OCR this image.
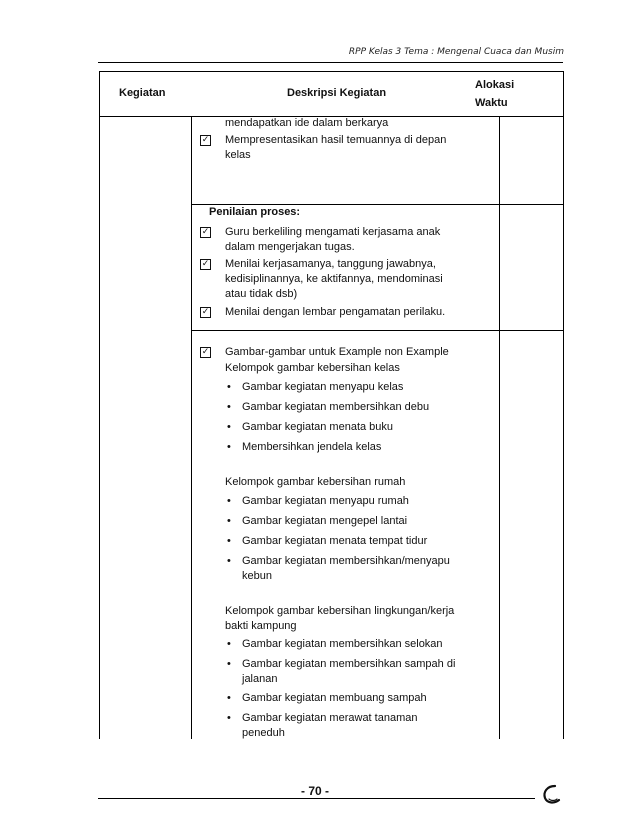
RPP Kelas 3 Tema : Mengenal Cuaca dan Musim
Kegiatan	Deskripsi Kegiatan
Alokasi
Waktu
mendapatkan ide dalam berkarya
✓ Mempresentasikan hasil temuannya di depan
kelas
Penilaian proses:
✓ Guru berkeliling mengamati kerjasama anak
dalam mengerjakan tugas.
✓ Menilai kerjasamanya, tanggung jawabnya,
kedisiplinannya, ke aktifannya, mendominasi
atau tidak dsb)
✓ Menilai dengan lembar pengamatan perilaku.
✓ Gambar-gambar untuk Example non Example
Kelompok gambar kebersihan kelas
• Gambar kegiatan menyapu kelas
• Gambar kegiatan membersihkan debu
• Gambar kegiatan menata buku
• Membersihkan jendela kelas
Kelompok gambar kebersihan rumah
• Gambar kegiatan menyapu rumah
• Gambar kegiatan mengepel lantai
• Gambar kegiatan menata tempat tidur
• Gambar kegiatan membersihkan/menyapu
kebun
Kelompok gambar kebersihan lingkungan/kerja
bakti kampung
• Gambar kegiatan membersihkan selokan
• Gambar kegiatan membersihkan sampah di
jalanan
• Gambar kegiatan membuang sampah
• Gambar kegiatan merawat tanaman
peneduh
- 70 -
